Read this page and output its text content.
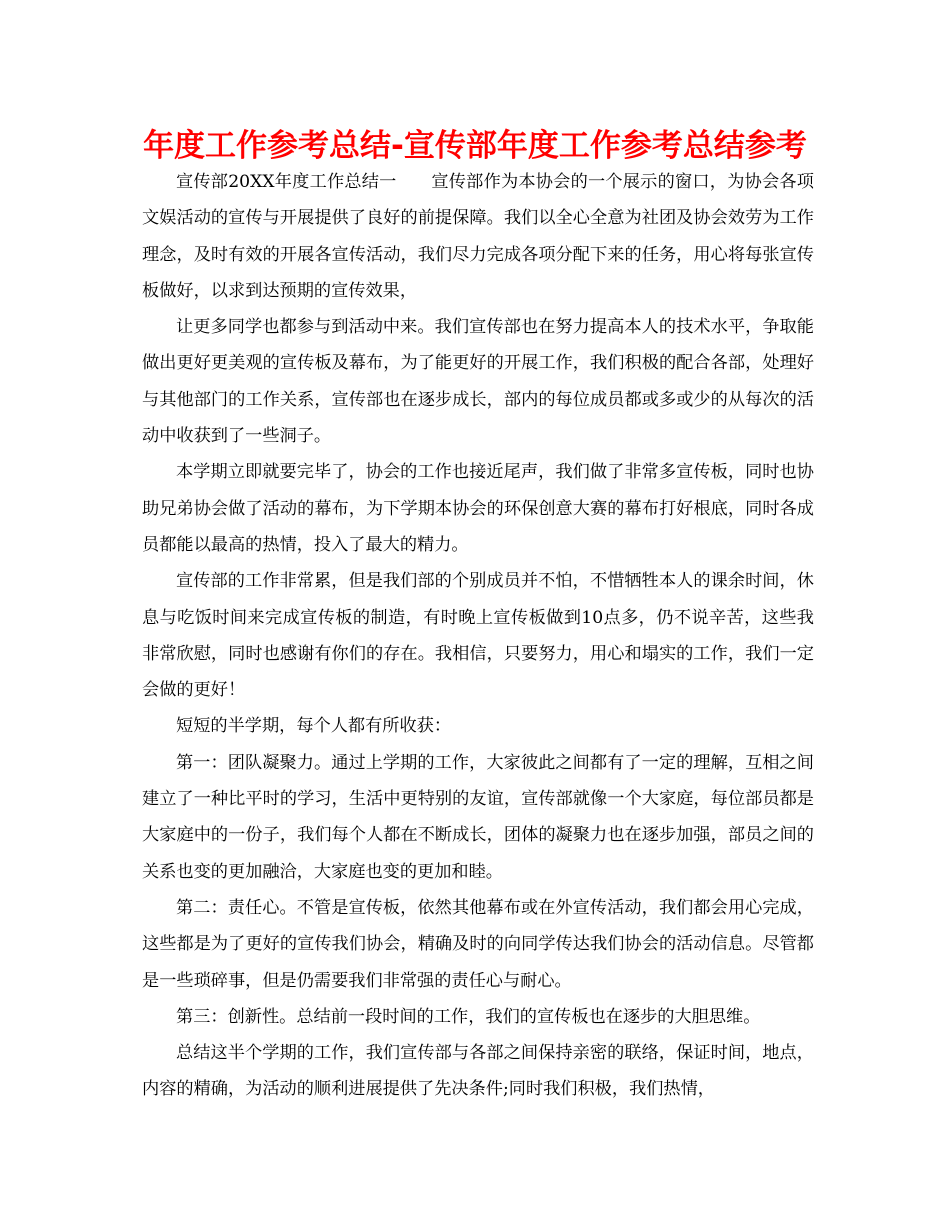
年度工作参考总结-宣传部年度工作参考总结参考

宣传部20XX年度工作总结一　　宣传部作为本协会的一个展示的窗口，为协会各项文娱活动的宣传与开展提供了良好的前提保障。我们以全心全意为社团及协会效劳为工作理念，及时有效的开展各宣传活动，我们尽力完成各项分配下来的任务，用心将每张宣传板做好，以求到达预期的宣传效果，

让更多同学也都参与到活动中来。我们宣传部也在努力提高本人的技术水平，争取能做出更好更美观的宣传板及幕布，为了能更好的开展工作，我们积极的配合各部，处理好与其他部门的工作关系，宣传部也在逐步成长，部内的每位成员都或多或少的从每次的活动中收获到了一些洞子。

本学期立即就要完毕了，协会的工作也接近尾声，我们做了非常多宣传板，同时也协助兄弟协会做了活动的幕布，为下学期本协会的环保创意大赛的幕布打好根底，同时各成员都能以最高的热情，投入了最大的精力。

宣传部的工作非常累，但是我们部的个别成员并不怕，不惜牺牲本人的课余时间，休息与吃饭时间来完成宣传板的制造，有时晚上宣传板做到10点多，仍不说辛苦，这些我非常欣慰，同时也感谢有你们的存在。我相信，只要努力，用心和塌实的工作，我们一定会做的更好！

短短的半学期，每个人都有所收获：

第一：团队凝聚力。通过上学期的工作，大家彼此之间都有了一定的理解，互相之间建立了一种比平时的学习，生活中更特别的友谊，宣传部就像一个大家庭，每位部员都是大家庭中的一份子，我们每个人都在不断成长，团体的凝聚力也在逐步加强，部员之间的关系也变的更加融洽，大家庭也变的更加和睦。

第二：责任心。不管是宣传板，依然其他幕布或在外宣传活动，我们都会用心完成，这些都是为了更好的宣传我们协会，精确及时的向同学传达我们协会的活动信息。尽管都是一些琐碎事，但是仍需要我们非常强的责任心与耐心。

第三：创新性。总结前一段时间的工作，我们的宣传板也在逐步的大胆思维。

总结这半个学期的工作，我们宣传部与各部之间保持亲密的联络，保证时间，地点，内容的精确，为活动的顺利进展提供了先决条件;同时我们积极，我们热情，
